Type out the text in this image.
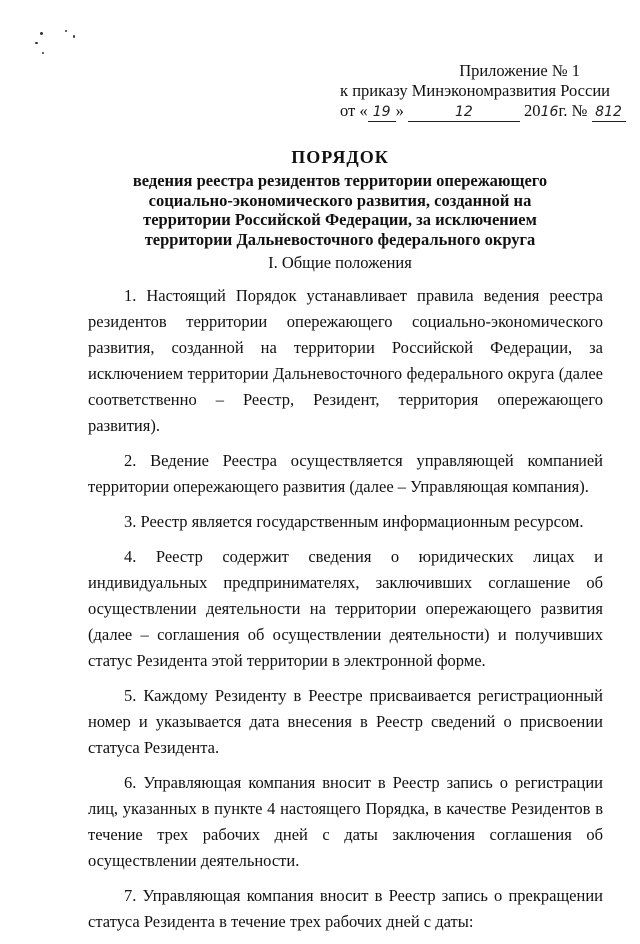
Приложение № 1
к приказу Минэкономразвития России
от « 19 »	12	2016г. № 812
ПОРЯДОК
ведения реестра резидентов территории опережающего социально-экономического развития, созданной на территории Российской Федерации, за исключением территории Дальневосточного федерального округа
I. Общие положения

1. Настоящий Порядок устанавливает правила ведения реестра резидентов территории опережающего социально-экономического развития, созданной на территории Российской Федерации, за исключением территории Дальневосточного федерального округа (далее соответственно – Реестр, Резидент, территория опережающего развития).

2. Ведение Реестра осуществляется управляющей компанией территории опережающего развития (далее – Управляющая компания).

3. Реестр является государственным информационным ресурсом.

4. Реестр содержит сведения о юридических лицах и индивидуальных предпринимателях, заключивших соглашение об осуществлении деятельности на территории опережающего развития (далее – соглашения об осуществлении деятельности) и получивших статус Резидента этой территории в электронной форме.

5. Каждому Резиденту в Реестре присваивается регистрационный номер и указывается дата внесения в Реестр сведений о присвоении статуса Резидента.

6. Управляющая компания вносит в Реестр запись о регистрации лиц, указанных в пункте 4 настоящего Порядка, в качестве Резидентов в течение трех рабочих дней с даты заключения соглашения об осуществлении деятельности.

7. Управляющая компания вносит в Реестр запись о прекращении статуса Резидента в течение трех рабочих дней с даты:
